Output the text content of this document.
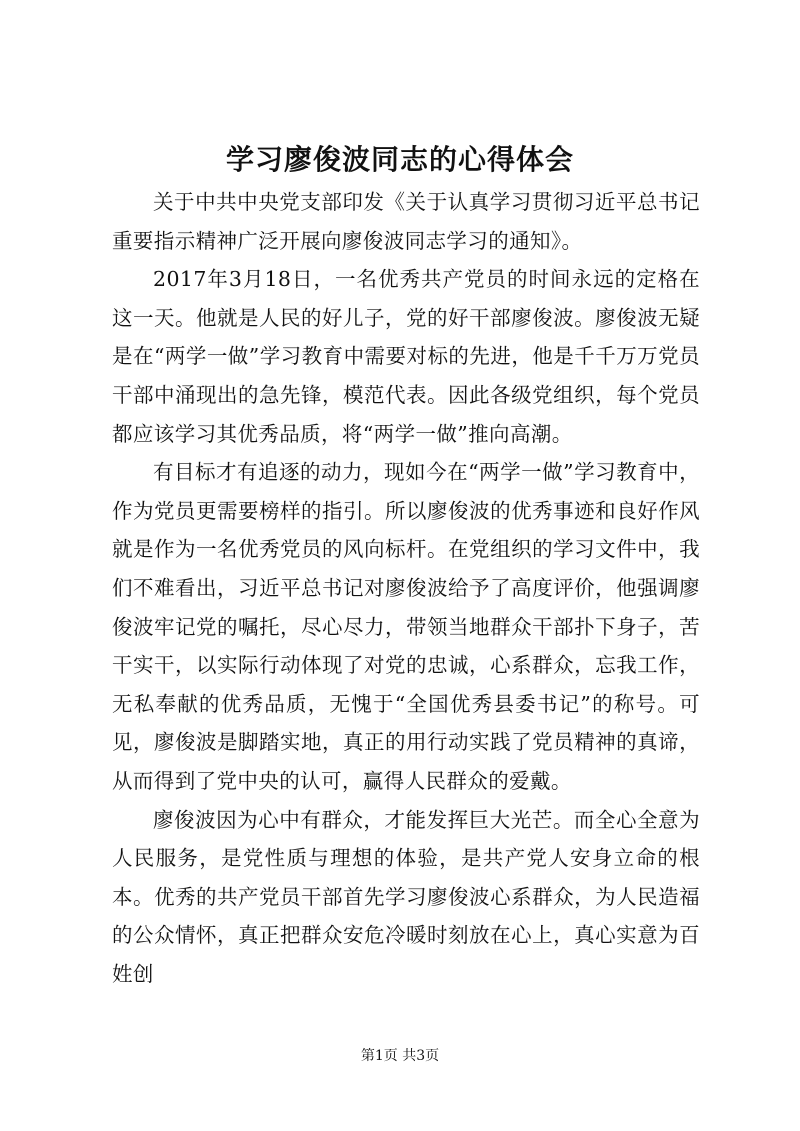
学习廖俊波同志的心得体会

关于中共中央党支部印发《关于认真学习贯彻习近平总书记重要指示精神广泛开展向廖俊波同志学习的通知》。

2017年3月18日，一名优秀共产党员的时间永远的定格在这一天。他就是人民的好儿子，党的好干部廖俊波。廖俊波无疑是在“两学一做”学习教育中需要对标的先进，他是千千万万党员干部中涌现出的急先锋，模范代表。因此各级党组织，每个党员都应该学习其优秀品质，将“两学一做”推向高潮。

有目标才有追逐的动力，现如今在“两学一做”学习教育中，作为党员更需要榜样的指引。所以廖俊波的优秀事迹和良好作风就是作为一名优秀党员的风向标杆。在党组织的学习文件中，我们不难看出，习近平总书记对廖俊波给予了高度评价，他强调廖俊波牢记党的嘱托，尽心尽力，带领当地群众干部扑下身子，苦干实干，以实际行动体现了对党的忠诚，心系群众，忘我工作，无私奉献的优秀品质，无愧于“全国优秀县委书记”的称号。可见，廖俊波是脚踏实地，真正的用行动实践了党员精神的真谛，从而得到了党中央的认可，赢得人民群众的爱戴。

廖俊波因为心中有群众，才能发挥巨大光芒。而全心全意为人民服务，是党性质与理想的体验，是共产党人安身立命的根本。优秀的共产党员干部首先学习廖俊波心系群众，为人民造福的公众情怀，真正把群众安危冷暖时刻放在心上，真心实意为百姓创

第1页 共3页
